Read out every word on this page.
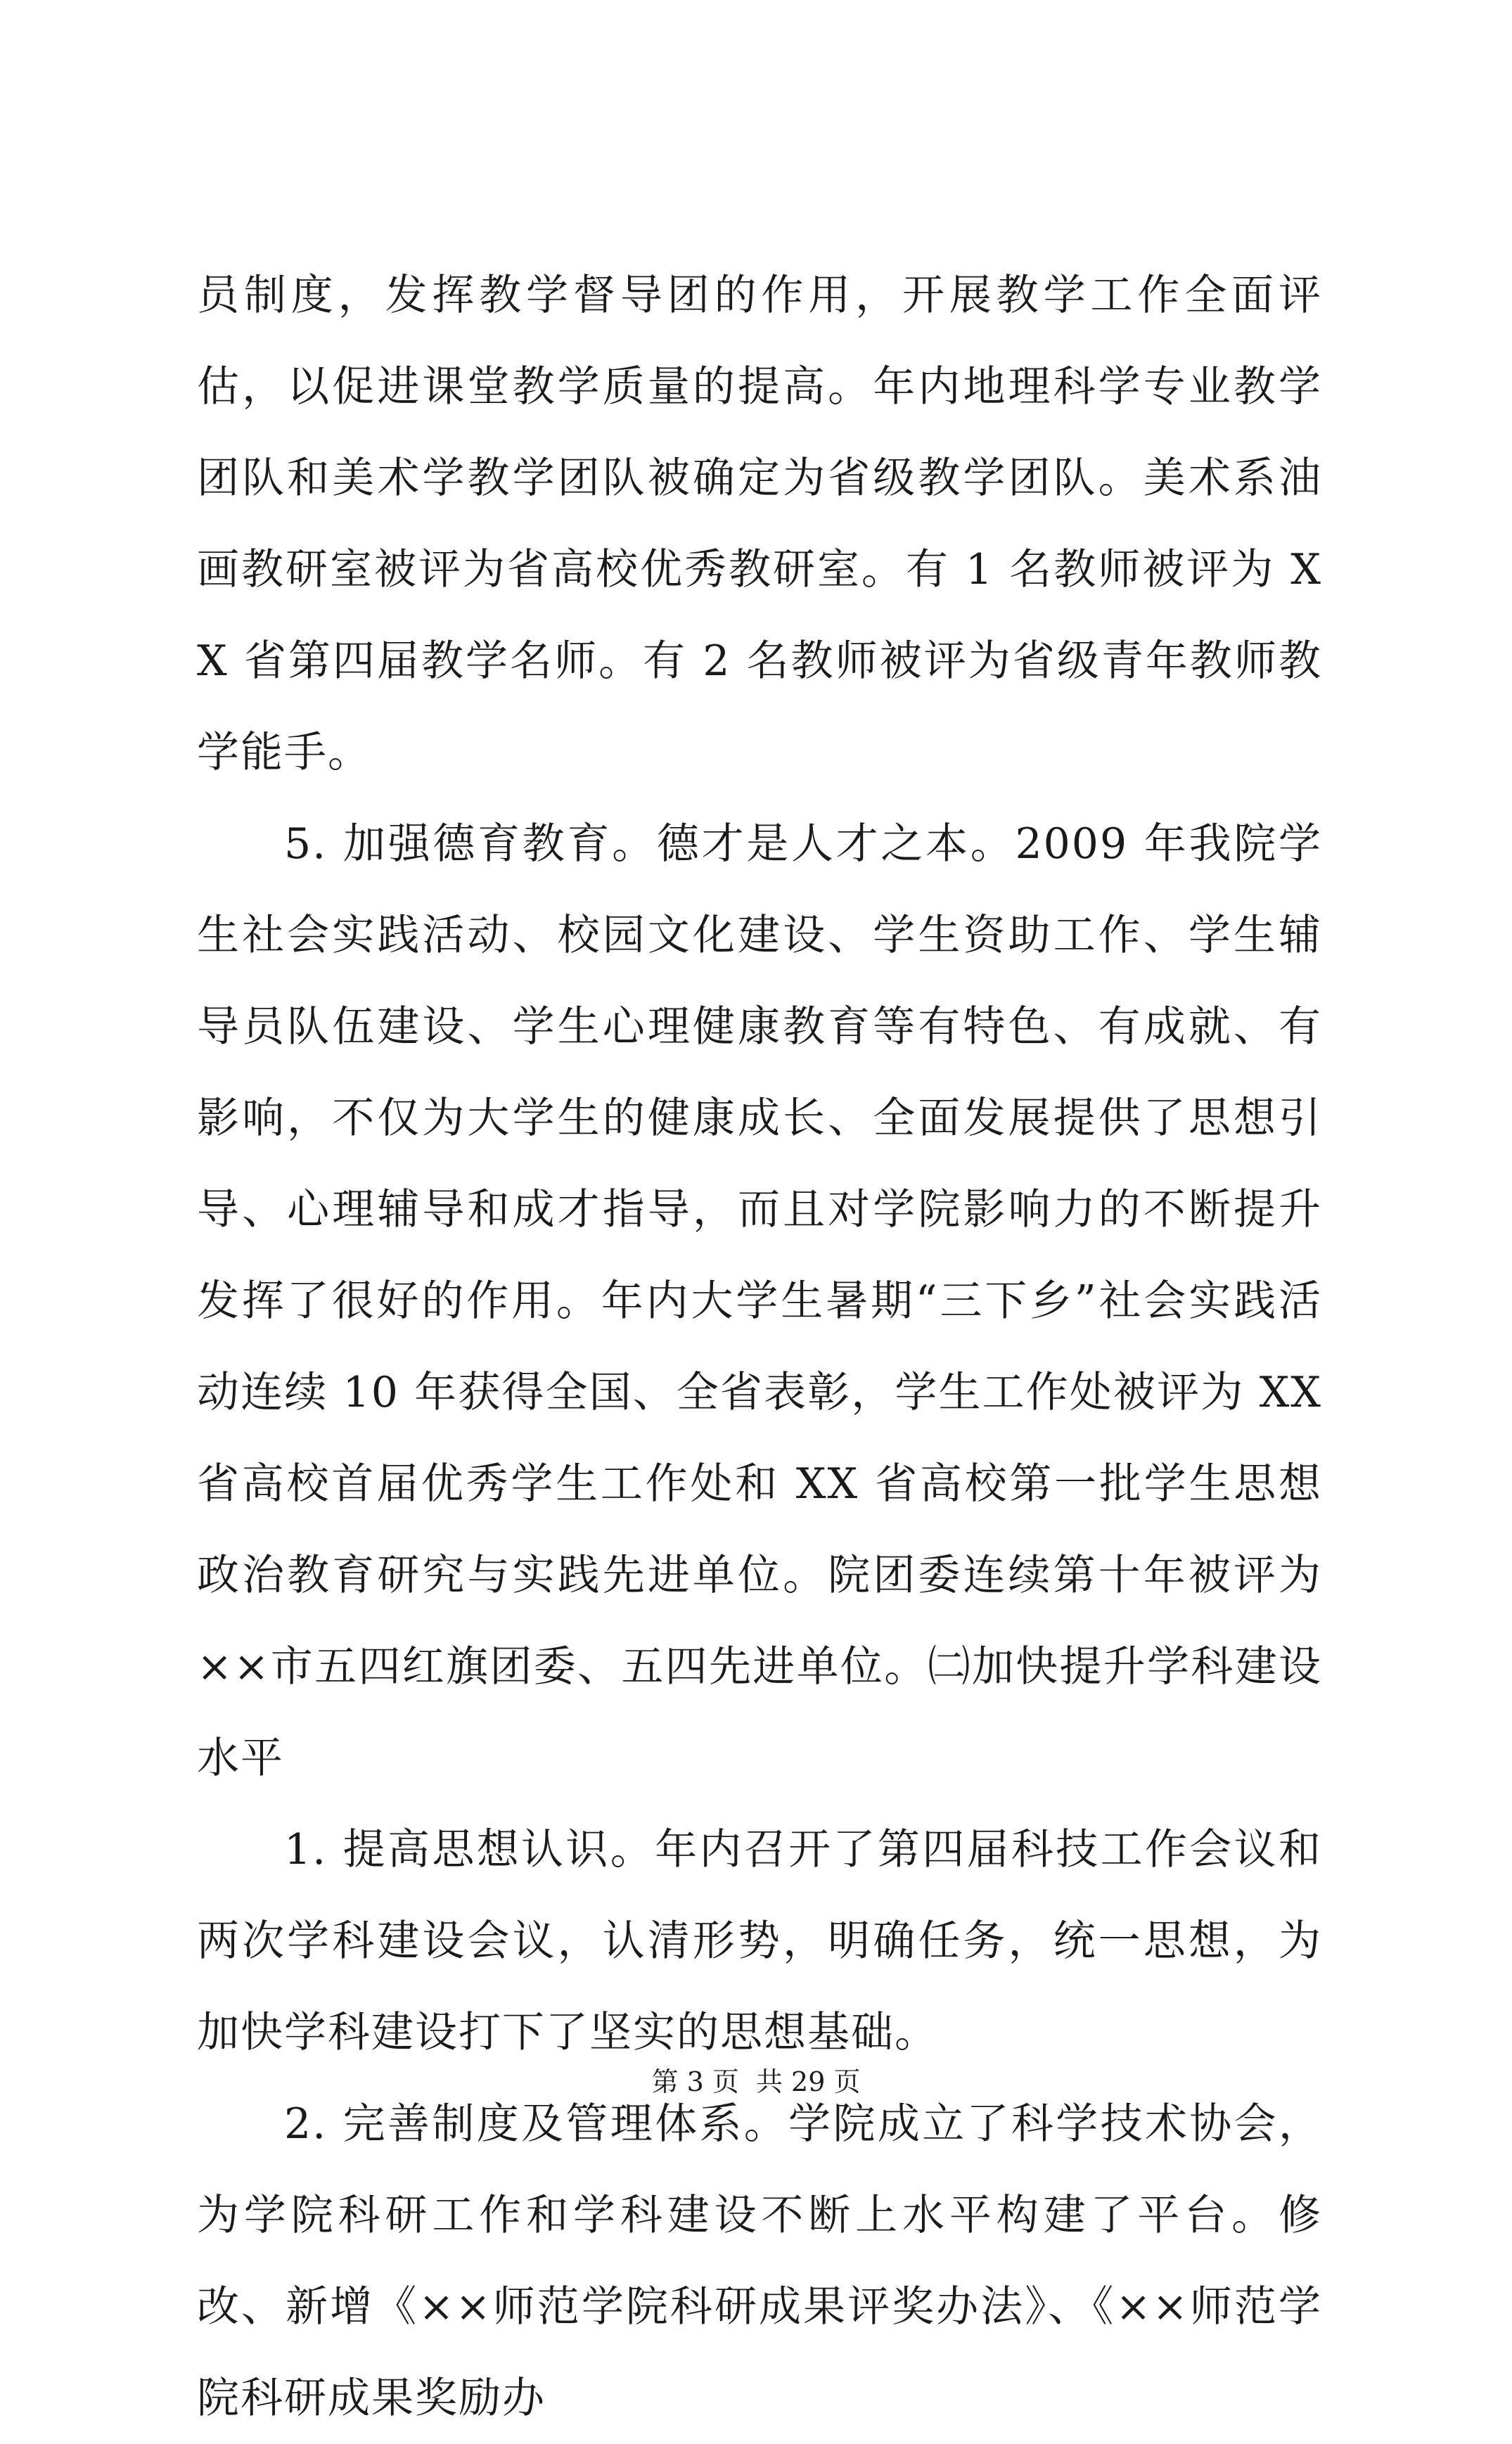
员制度，发挥教学督导团的作用，开展教学工作全面评估，以促进课堂教学质量的提高。年内地理科学专业教学团队和美术学教学团队被确定为省级教学团队。美术系油画教研室被评为省高校优秀教研室。有 1 名教师被评为 XX 省第四届教学名师。有 2 名教师被评为省级青年教师教学能手。

5. 加强德育教育。德才是人才之本。2009 年我院学生社会实践活动、校园文化建设、学生资助工作、学生辅导员队伍建设、学生心理健康教育等有特色、有成就、有影响，不仅为大学生的健康成长、全面发展提供了思想引导、心理辅导和成才指导，而且对学院影响力的不断提升发挥了很好的作用。年内大学生暑期“三下乡”社会实践活动连续 10 年获得全国、全省表彰，学生工作处被评为 XX 省高校首届优秀学生工作处和 XX 省高校第一批学生思想政治教育研究与实践先进单位。院团委连续第十年被评为××市五四红旗团委、五四先进单位。㈡加快提升学科建设水平

1. 提高思想认识。年内召开了第四届科技工作会议和两次学科建设会议，认清形势，明确任务，统一思想，为加快学科建设打下了坚实的思想基础。

2. 完善制度及管理体系。学院成立了科学技术协会，为学院科研工作和学科建设不断上水平构建了平台。修改、新增《××师范学院科研成果评奖办法》、《××师范学院科研成果奖励办

第 3 页 共 29 页
